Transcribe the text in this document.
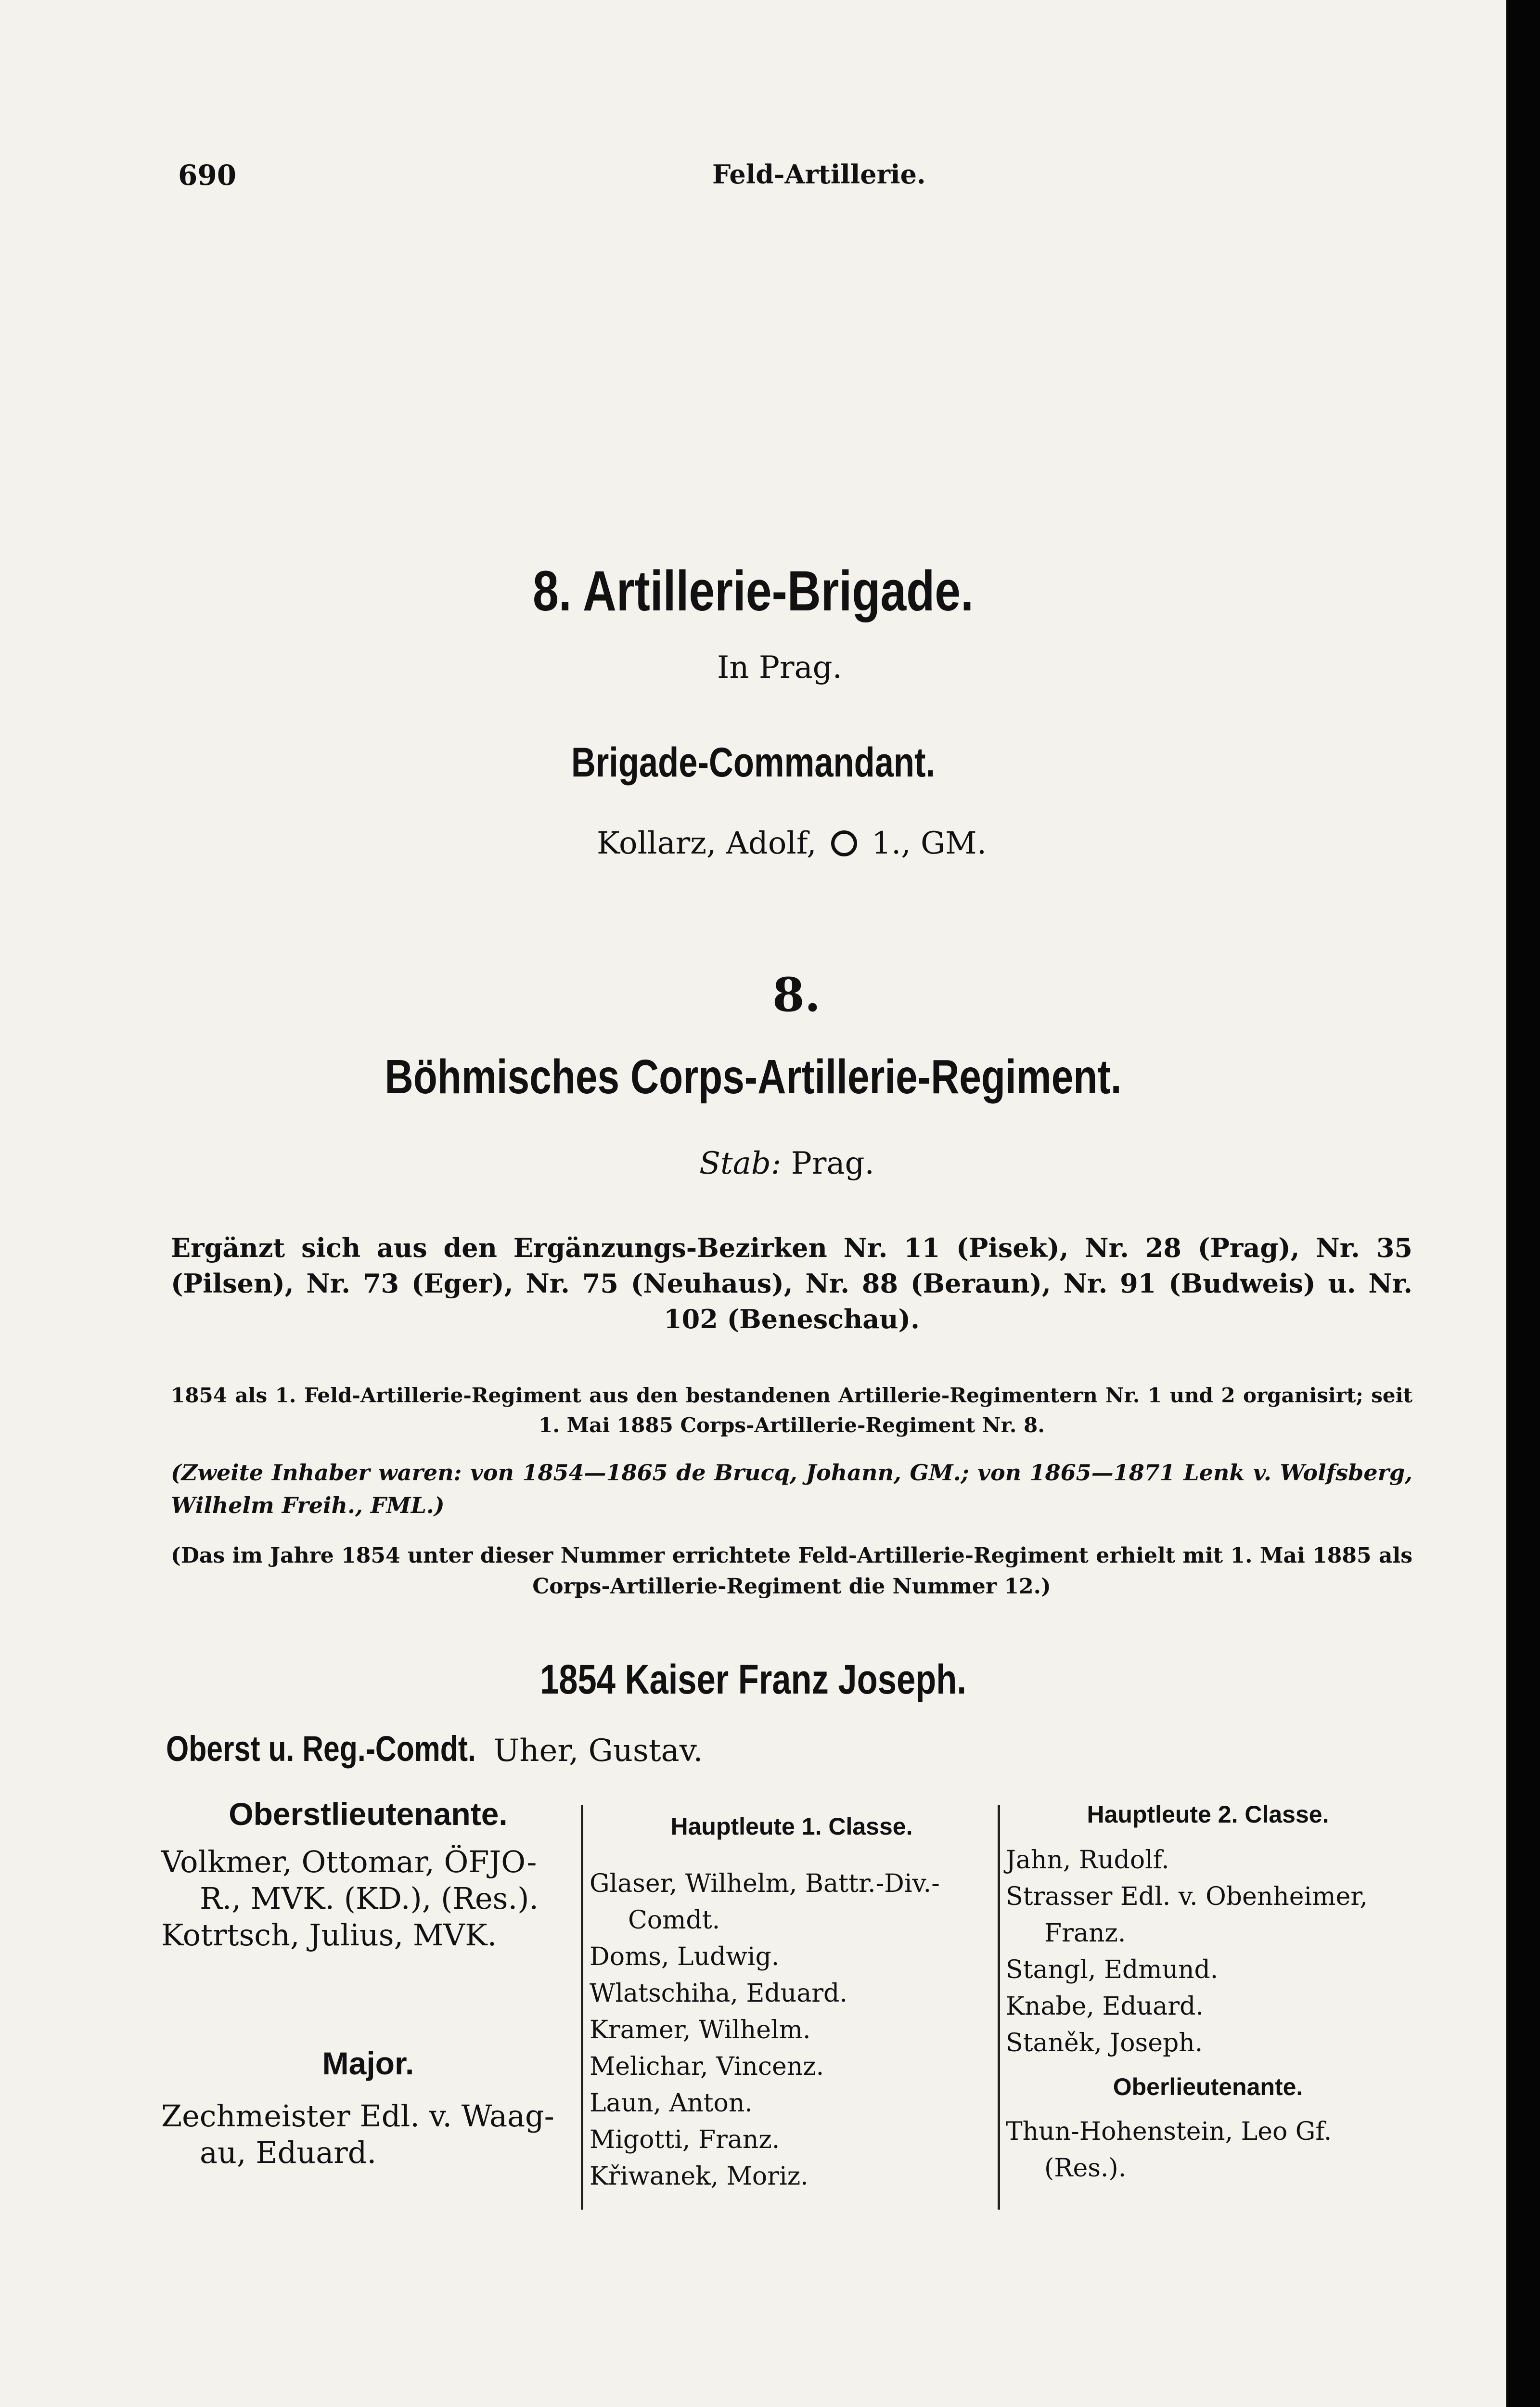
690	Feld-Artillerie.
8. Artillerie-Brigade.
In Prag.
Brigade-Commandant.
Kollarz, Adolf, 1., GM.
8.
Böhmisches Corps-Artillerie-Regiment.
Stab: Prag.
Ergänzt sich aus den Ergänzungs-Bezirken Nr. 11 (Pisek), Nr. 28 (Prag), Nr. 35 (Pilsen), Nr. 73 (Eger), Nr. 75 (Neuhaus), Nr. 88 (Beraun), Nr. 91 (Budweis) u. Nr. 102 (Beneschau).
1854 als 1. Feld-Artillerie-Regiment aus den bestandenen Artillerie-Regimentern Nr. 1 und 2 organisirt; seit 1. Mai 1885 Corps-Artillerie-Regiment Nr. 8.
(Zweite Inhaber waren: von 1854—1865 de Brucq, Johann, GM.; von 1865—1871 Lenk v. Wolfsberg, Wilhelm Freih., FML.)
(Das im Jahre 1854 unter dieser Nummer errichtete Feld-Artillerie-Regiment erhielt mit 1. Mai 1885 als Corps-Artillerie-Regiment die Nummer 12.)
1854 Kaiser Franz Joseph.
Oberst u. Reg.-Comdt. Uher, Gustav.
Oberstlieutenante.
Volkmer, Ottomar, ÖFJO-
R., MVK. (KD.), (Res.).
Kotrtsch, Julius, MVK.
Major.
Zechmeister Edl. v. Waag-
au, Eduard.
Hauptleute 1. Classe.
Glaser, Wilhelm, Battr.-Div.-
Comdt.
Doms, Ludwig.
Wlatschiha, Eduard.
Kramer, Wilhelm.
Melichar, Vincenz.
Laun, Anton.
Migotti, Franz.
Křiwanek, Moriz.
Hauptleute 2. Classe.
Jahn, Rudolf.
Strasser Edl. v. Obenheimer,
Franz.
Stangl, Edmund.
Knabe, Eduard.
Staněk, Joseph.
Oberlieutenante.
Thun-Hohenstein, Leo Gf.
(Res.).
